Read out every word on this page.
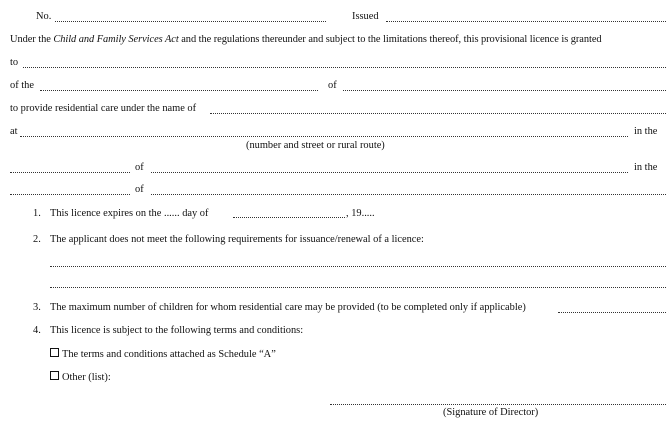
No.	Issued
Under the Child and Family Services Act and the regulations thereunder and subject to the limitations thereof, this provisional licence is granted
to
of the	of
to provide residential care under the name of
at	in the
(number and street or rural route)
of	in the
of
1. This licence expires on the ...... day of	, 19.....
2. The applicant does not meet the following requirements for issuance/renewal of a licence:
3. The maximum number of children for whom residential care may be provided (to be completed only if applicable)
4. This licence is subject to the following terms and conditions:
The terms and conditions attached as Schedule “A”
Other (list):
(Signature of Director)
